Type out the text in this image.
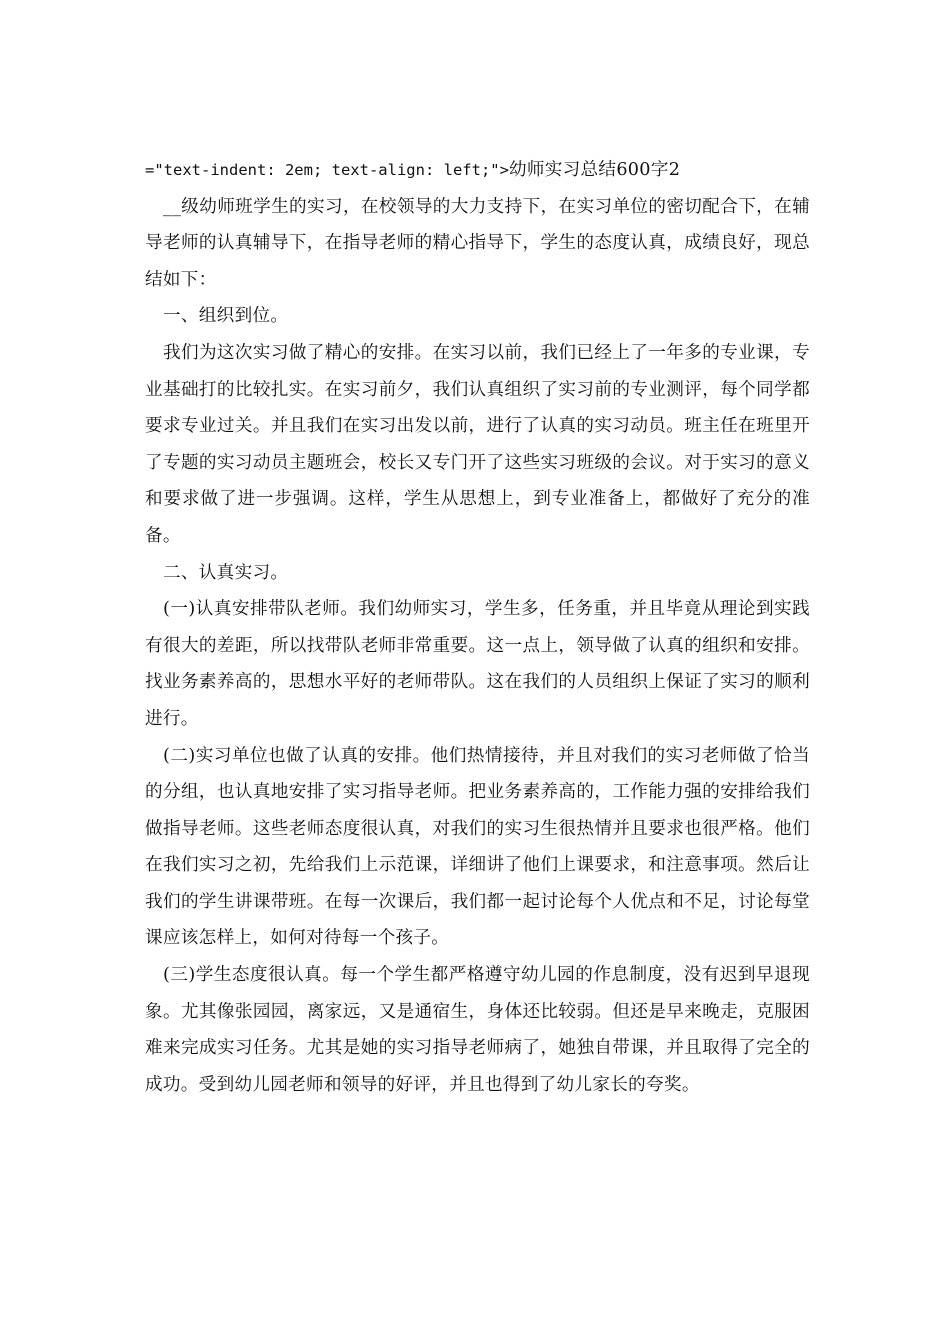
="text-indent: 2em; text-align: left;">幼师实习总结600字2

__级幼师班学生的实习，在校领导的大力支持下，在实习单位的密切配合下，在辅导老师的认真辅导下，在指导老师的精心指导下，学生的态度认真，成绩良好，现总结如下：

一、组织到位。

我们为这次实习做了精心的安排。在实习以前，我们已经上了一年多的专业课，专业基础打的比较扎实。在实习前夕，我们认真组织了实习前的专业测评，每个同学都要求专业过关。并且我们在实习出发以前，进行了认真的实习动员。班主任在班里开了专题的实习动员主题班会，校长又专门开了这些实习班级的会议。对于实习的意义和要求做了进一步强调。这样，学生从思想上，到专业准备上，都做好了充分的准备。

二、认真实习。

(一)认真安排带队老师。我们幼师实习，学生多，任务重，并且毕竟从理论到实践有很大的差距，所以找带队老师非常重要。这一点上，领导做了认真的组织和安排。找业务素养高的，思想水平好的老师带队。这在我们的人员组织上保证了实习的顺利进行。

(二)实习单位也做了认真的安排。他们热情接待，并且对我们的实习老师做了恰当的分组，也认真地安排了实习指导老师。把业务素养高的，工作能力强的安排给我们做指导老师。这些老师态度很认真，对我们的实习生很热情并且要求也很严格。他们在我们实习之初，先给我们上示范课，详细讲了他们上课要求，和注意事项。然后让我们的学生讲课带班。在每一次课后，我们都一起讨论每个人优点和不足，讨论每堂课应该怎样上，如何对待每一个孩子。

(三)学生态度很认真。每一个学生都严格遵守幼儿园的作息制度，没有迟到早退现象。尤其像张园园，离家远，又是通宿生，身体还比较弱。但还是早来晚走，克服困难来完成实习任务。尤其是她的实习指导老师病了，她独自带课，并且取得了完全的成功。受到幼儿园老师和领导的好评，并且也得到了幼儿家长的夸奖。
